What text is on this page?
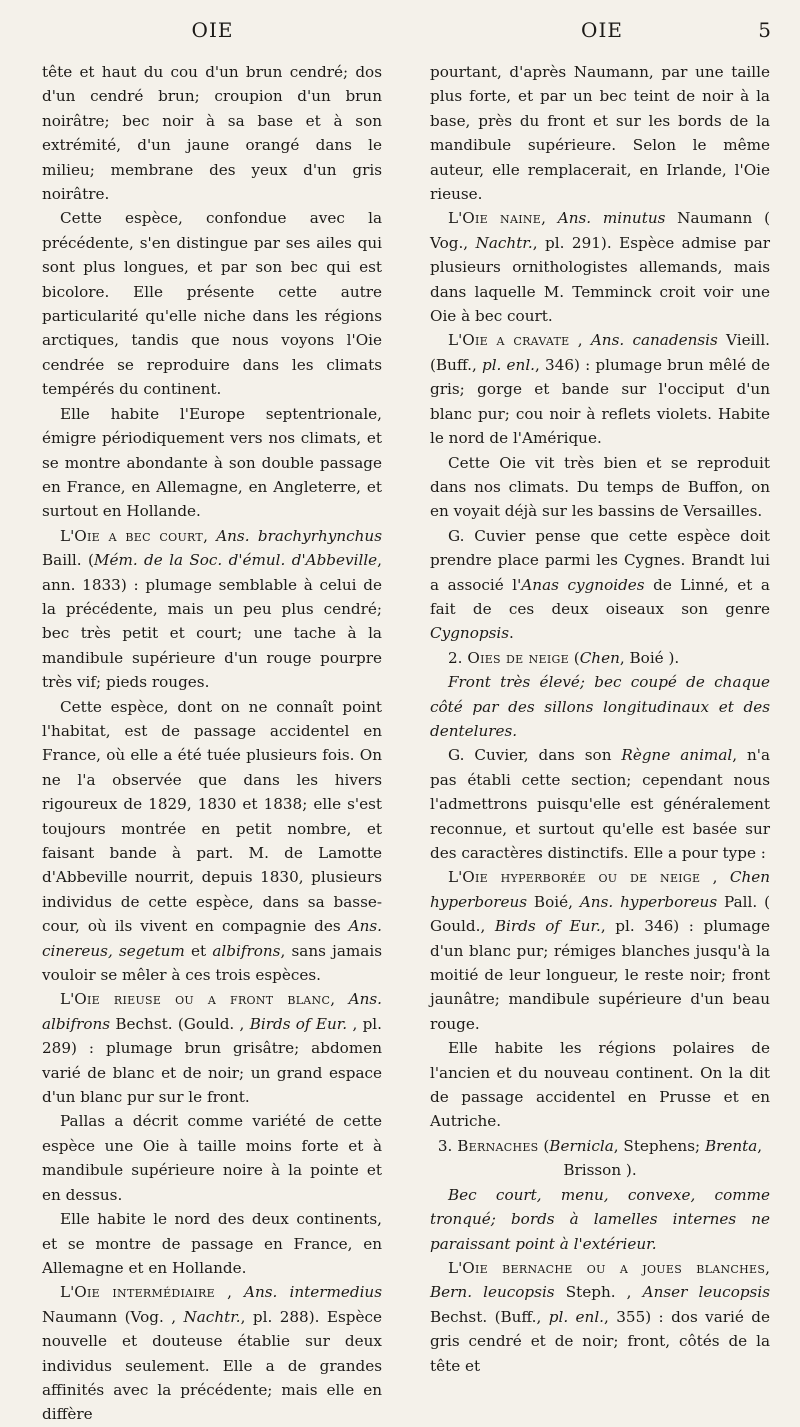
OIE	OIE	5

tête et haut du cou d'un brun cendré; dos d'un cendré brun; croupion d'un brun noirâtre; bec noir à sa base et à son extrémité, d'un jaune orangé dans le milieu; membrane des yeux d'un gris noirâtre.

Cette espèce, confondue avec la précédente, s'en distingue par ses ailes qui sont plus longues, et par son bec qui est bicolore. Elle présente cette autre particularité qu'elle niche dans les régions arctiques, tandis que nous voyons l'Oie cendrée se reproduire dans les climats tempérés du continent.

Elle habite l'Europe septentrionale, émigre périodiquement vers nos climats, et se montre abondante à son double passage en France, en Allemagne, en Angleterre, et surtout en Hollande.

L'Oie a bec court, Ans. brachyrhynchus Baill. (Mém. de la Soc. d'émul. d'Abbeville, ann. 1833) : plumage semblable à celui de la précédente, mais un peu plus cendré; bec très petit et court; une tache à la mandibule supérieure d'un rouge pourpre très vif; pieds rouges.

Cette espèce, dont on ne connaît point l'habitat, est de passage accidentel en France, où elle a été tuée plusieurs fois. On ne l'a observée que dans les hivers rigoureux de 1829, 1830 et 1838; elle s'est toujours montrée en petit nombre, et faisant bande à part. M. de Lamotte d'Abbeville nourrit, depuis 1830, plusieurs individus de cette espèce, dans sa basse-cour, où ils vivent en compagnie des Ans. cinereus, segetum et albifrons, sans jamais vouloir se mêler à ces trois espèces.

L'Oie rieuse ou a front blanc, Ans. albifrons Bechst. (Gould. , Birds of Eur. , pl. 289) : plumage brun grisâtre; abdomen varié de blanc et de noir; un grand espace d'un blanc pur sur le front.

Pallas a décrit comme variété de cette espèce une Oie à taille moins forte et à mandibule supérieure noire à la pointe et en dessus.

Elle habite le nord des deux continents, et se montre de passage en France, en Allemagne et en Hollande.

L'Oie intermédiaire , Ans. intermedius Naumann (Vog. , Nachtr., pl. 288). Espèce nouvelle et douteuse établie sur deux individus seulement. Elle a de grandes affinités avec la précédente; mais elle en diffère

pourtant, d'après Naumann, par une taille plus forte, et par un bec teint de noir à la base, près du front et sur les bords de la mandibule supérieure. Selon le même auteur, elle remplacerait, en Irlande, l'Oie rieuse.

L'Oie naine, Ans. minutus Naumann ( Vog., Nachtr., pl. 291). Espèce admise par plusieurs ornithologistes allemands, mais dans laquelle M. Temminck croit voir une Oie à bec court.

L'Oie a cravate , Ans. canadensis Vieill. (Buff., pl. enl., 346) : plumage brun mêlé de gris; gorge et bande sur l'occiput d'un blanc pur; cou noir à reflets violets. Habite le nord de l'Amérique.

Cette Oie vit très bien et se reproduit dans nos climats. Du temps de Buffon, on en voyait déjà sur les bassins de Versailles.

G. Cuvier pense que cette espèce doit prendre place parmi les Cygnes. Brandt lui a associé l'Anas cygnoides de Linné, et a fait de ces deux oiseaux son genre Cygnopsis.

2. Oies de neige (Chen, Boié ).

Front très élevé; bec coupé de chaque côté par des sillons longitudinaux et des dentelures.

G. Cuvier, dans son Règne animal, n'a pas établi cette section; cependant nous l'admettrons puisqu'elle est généralement reconnue, et surtout qu'elle est basée sur des caractères distinctifs. Elle a pour type :

L'Oie hyperborée ou de neige , Chen hyperboreus Boié, Ans. hyperboreus Pall. ( Gould., Birds of Eur., pl. 346) : plumage d'un blanc pur; rémiges blanches jusqu'à la moitié de leur longueur, le reste noir; front jaunâtre; mandibule supérieure d'un beau rouge.

Elle habite les régions polaires de l'ancien et du nouveau continent. On la dit de passage accidentel en Prusse et en Autriche.

3. Bernaches (Bernicla, Stephens; Brenta, Brisson ).

Bec court, menu, convexe, comme tronqué; bords à lamelles internes ne paraissant point à l'extérieur.

L'Oie bernache ou a joues blanches, Bern. leucopsis Steph. , Anser leucopsis Bechst. (Buff., pl. enl., 355) : dos varié de gris cendré et de noir; front, côtés de la tête et
